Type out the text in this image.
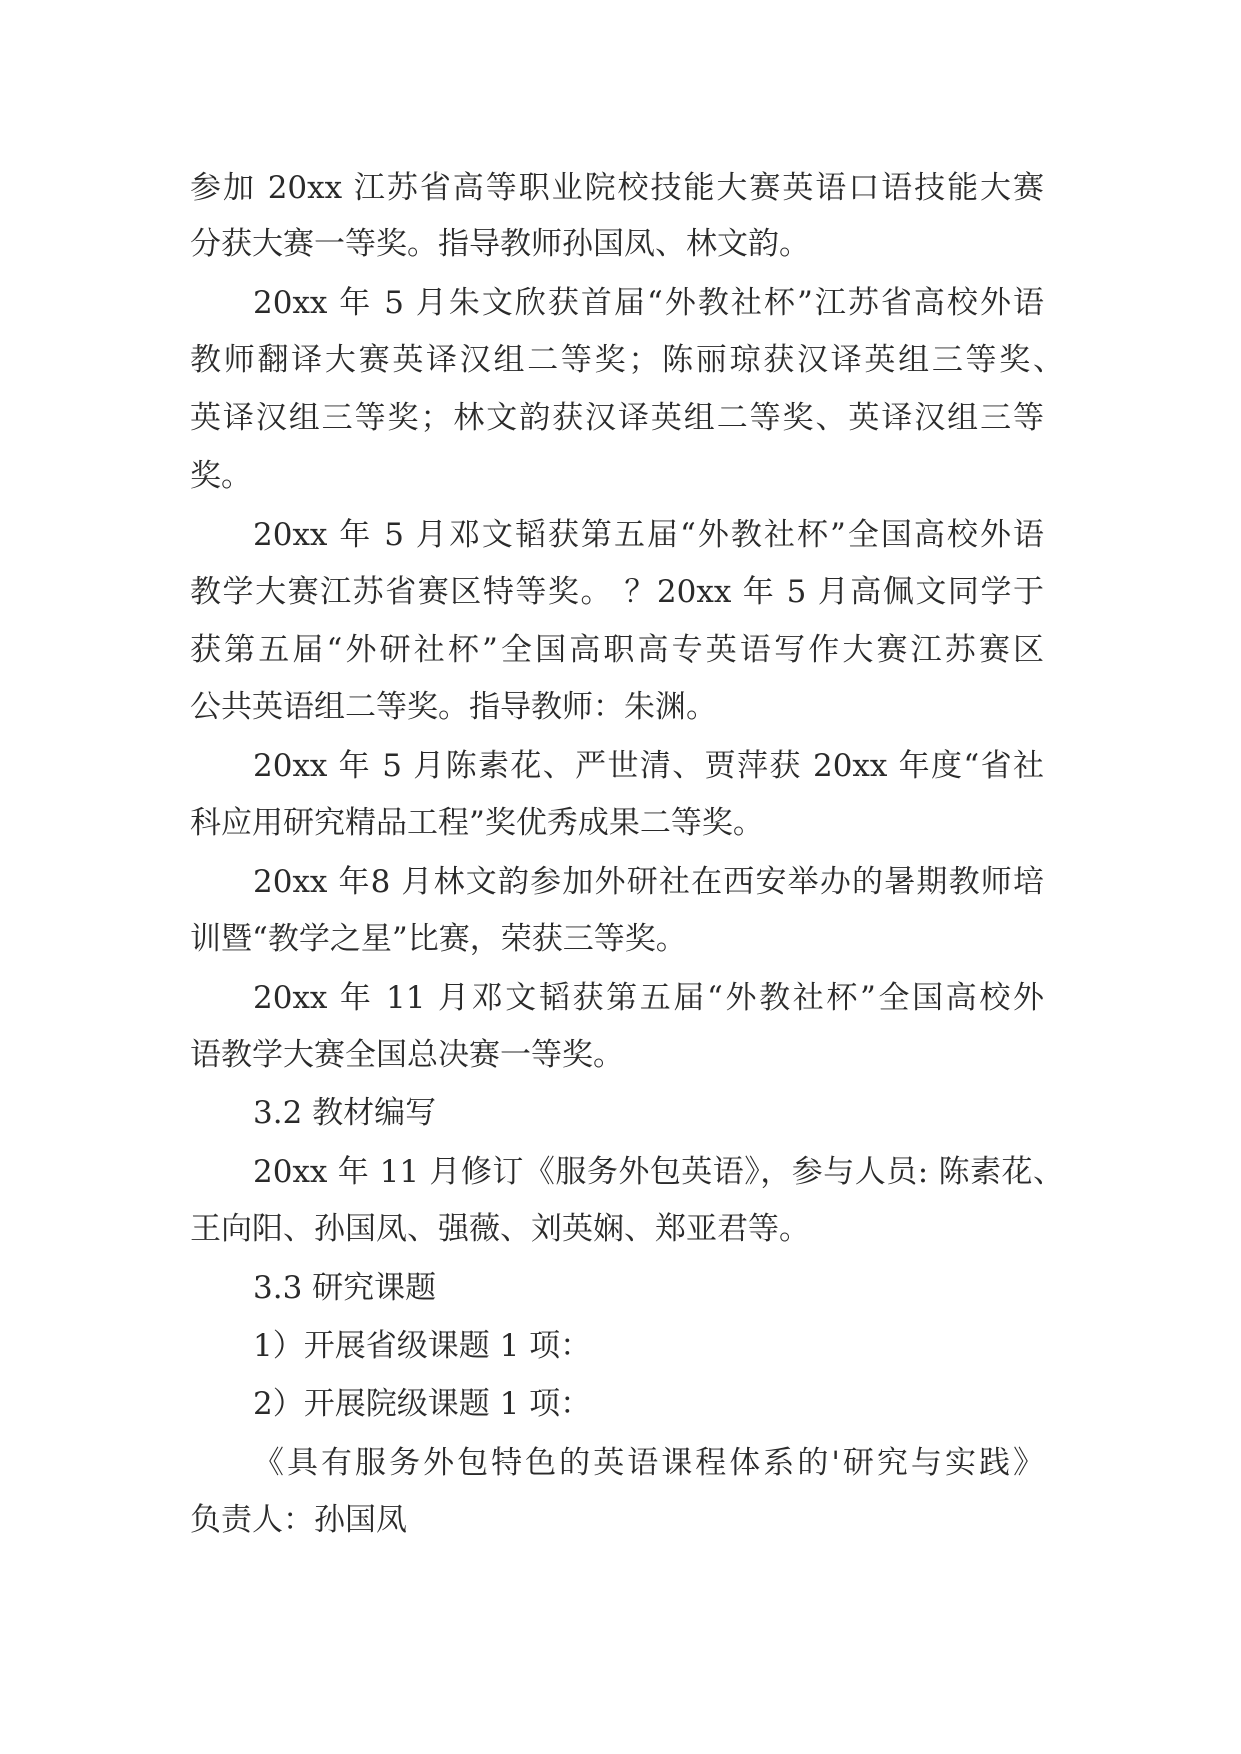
参加 20xx 江苏省高等职业院校技能大赛英语口语技能大赛

分获大赛一等奖。指导教师孙国凤、林文韵。

20xx 年 5 月朱文欣获首届“外教社杯”江苏省高校外语

教师翻译大赛英译汉组二等奖；陈丽琼获汉译英组三等奖、

英译汉组三等奖；林文韵获汉译英组二等奖、英译汉组三等

奖。

20xx 年 5 月邓文韬获第五届“外教社杯”全国高校外语

教学大赛江苏省赛区特等奖。 ？20xx 年 5 月高佩文同学于

获第五届“外研社杯”全国高职高专英语写作大赛江苏赛区

公共英语组二等奖。指导教师：朱渊。

20xx 年 5 月陈素花、严世清、贾萍获 20xx 年度“省社

科应用研究精品工程”奖优秀成果二等奖。

20xx 年8 月林文韵参加外研社在西安举办的暑期教师培

训暨“教学之星”比赛，荣获三等奖。

20xx 年 11 月邓文韬获第五届“外教社杯”全国高校外

语教学大赛全国总决赛一等奖。

3.2 教材编写

20xx 年 11 月修订《服务外包英语》，参与人员: 陈素花、

王向阳、孙国凤、强薇、刘英娴、郑亚君等。

3.3 研究课题

1）开展省级课题 1 项：

2）开展院级课题 1 项：

《具有服务外包特色的英语课程体系的'研究与实践》

负责人：孙国凤
